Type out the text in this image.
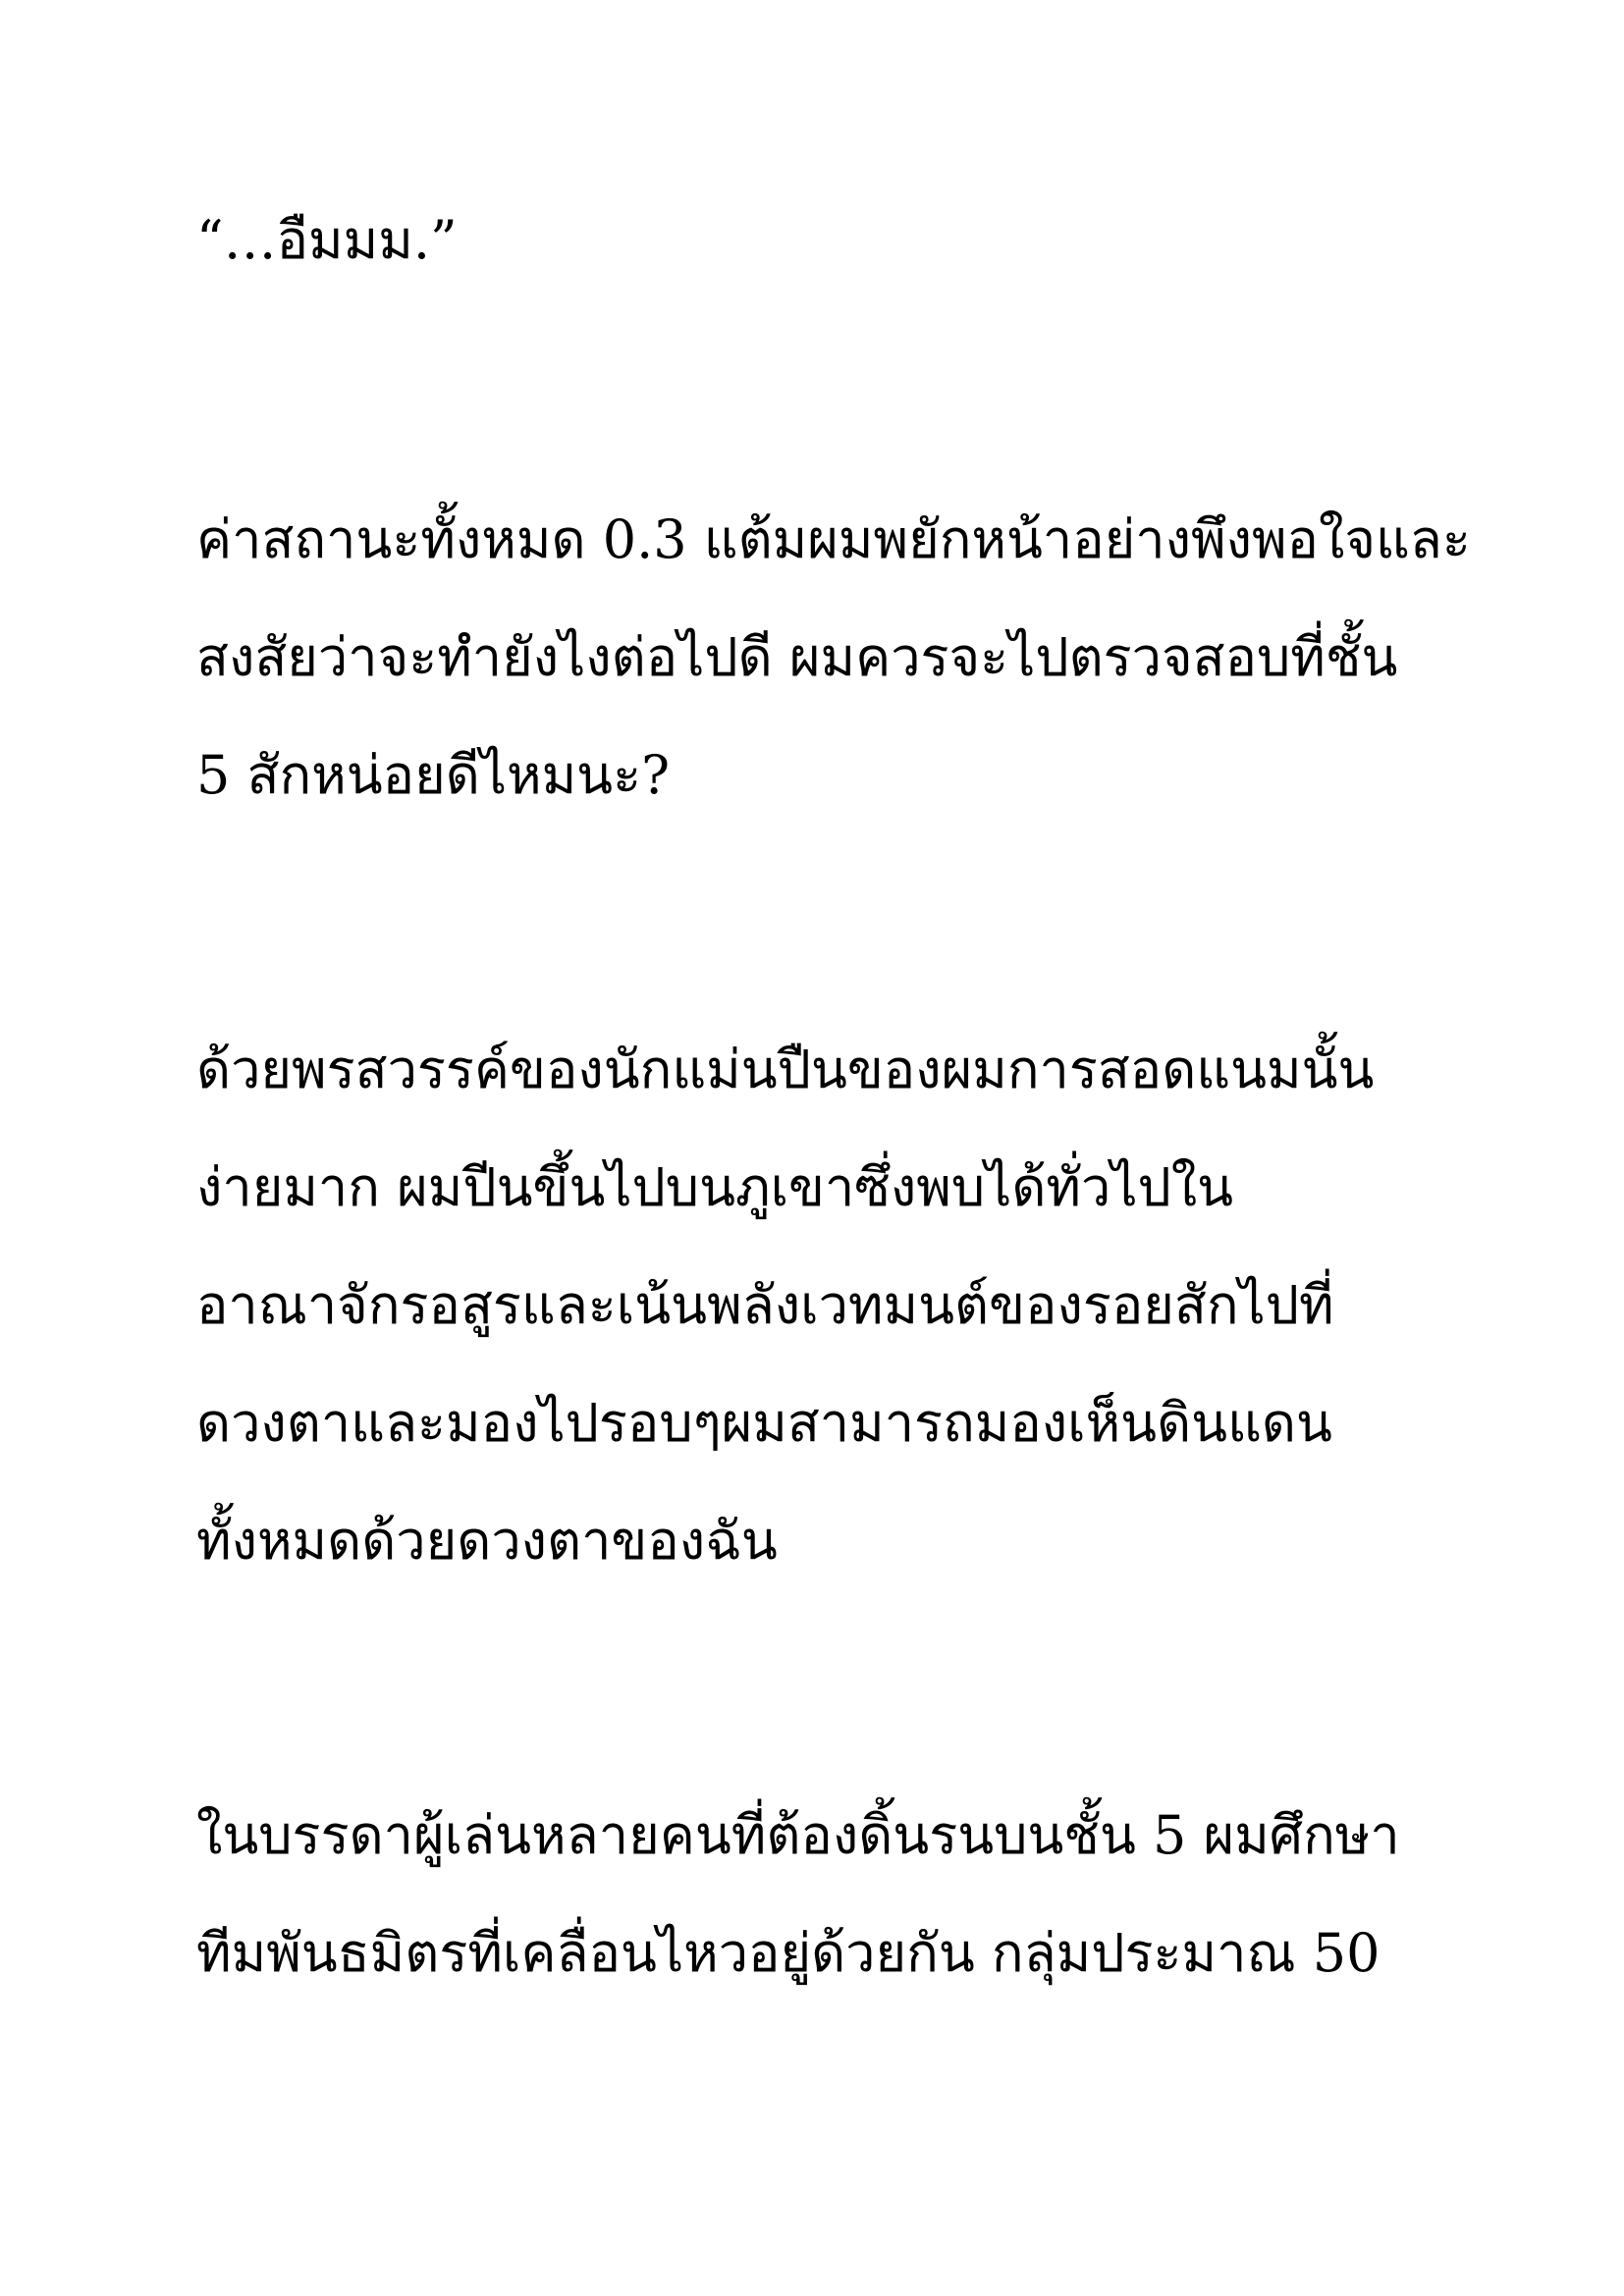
“…อืมมม.”
ค่าสถานะทั้งหมด 0.3 แต้มผมพยักหน้าอย่างพึงพอใจและ
สงสัยว่าจะทำยังไงต่อไปดี ผมควรจะไปตรวจสอบที่ชั้น
5 สักหน่อยดีไหมนะ?
ด้วยพรสวรรค์ของนักแม่นปืนของผมการสอดแนมนั้น
ง่ายมาก ผมปีนขึ้นไปบนภูเขาซึ่งพบได้ทั่วไปใน
อาณาจักรอสูรและเน้นพลังเวทมนต์ของรอยสักไปที่
ดวงตาและมองไปรอบๆผมสามารถมองเห็นดินแดน
ทั้งหมดด้วยดวงตาของฉัน
ในบรรดาผู้เล่นหลายคนที่ต้องดิ้นรนบนชั้น 5 ผมศึกษา
ทีมพันธมิตรที่เคลื่อนไหวอยู่ด้วยกัน กลุ่มประมาณ 50
